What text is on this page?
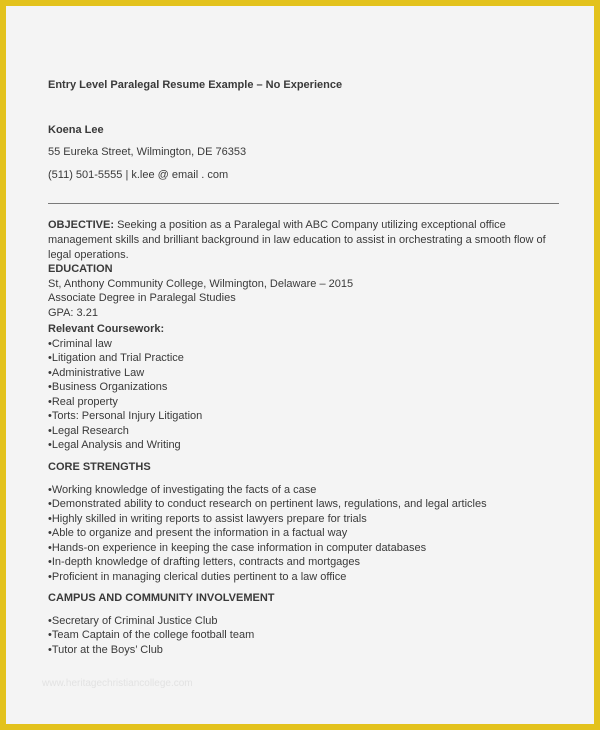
Entry Level Paralegal Resume Example – No Experience
Koena Lee
55 Eureka Street, Wilmington, DE 76353
(511) 501-5555 | k.lee @ email . com
OBJECTIVE: Seeking a position as a Paralegal with ABC Company utilizing exceptional office management skills and brilliant background in law education to assist in orchestrating a smooth flow of legal operations.
EDUCATION
St, Anthony Community College, Wilmington, Delaware – 2015
Associate Degree in Paralegal Studies
GPA: 3.21
Relevant Coursework:
• Criminal law
• Litigation and Trial Practice
• Administrative Law
• Business Organizations
• Real property
• Torts: Personal Injury Litigation
• Legal Research
• Legal Analysis and Writing
CORE STRENGTHS
• Working knowledge of investigating the facts of a case
• Demonstrated ability to conduct research on pertinent laws, regulations, and legal articles
• Highly skilled in writing reports to assist lawyers prepare for trials
• Able to organize and present the information in a factual way
• Hands-on experience in keeping the case information in computer databases
• In-depth knowledge of drafting letters, contracts and mortgages
• Proficient in managing clerical duties pertinent to a law office
CAMPUS AND COMMUNITY INVOLVEMENT
• Secretary of Criminal Justice Club
• Team Captain of the college football team
• Tutor at the Boys’ Club
www.heritagechristiancollege.com
